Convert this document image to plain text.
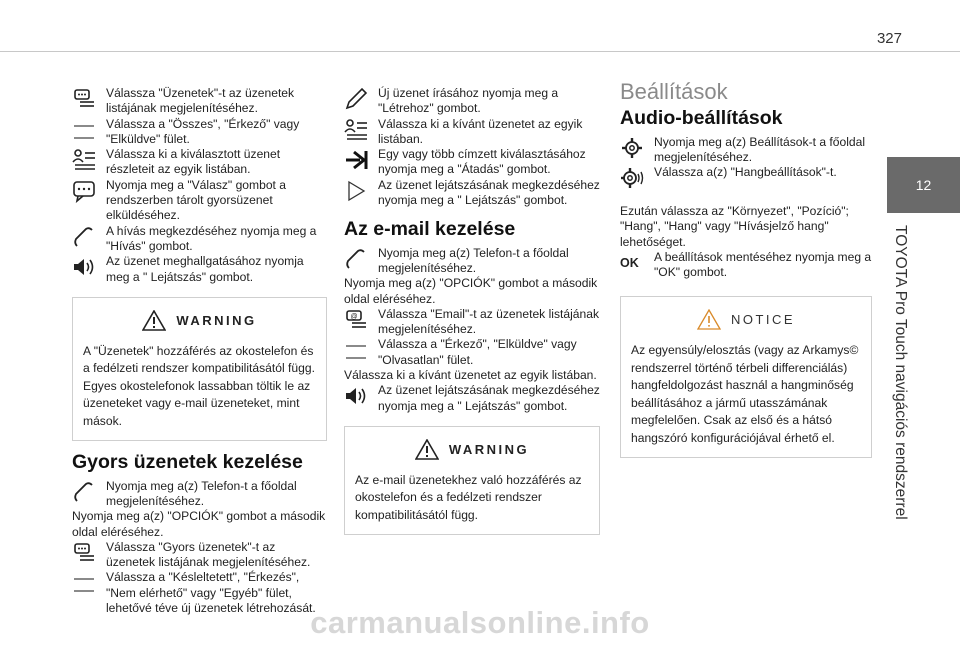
327
12
TOYOTA Pro Touch navigációs rendszerrel
Válassza "Üzenetek"-t az üzenetek listájának megjelenítéséhez.
Válassza a "Összes", "Érkező" vagy "Elküldve" fület.
Válassza ki a kiválasztott üzenet részleteit az egyik listában.
Nyomja meg a "Válasz" gombot a rendszerben tárolt gyorsüzenet elküldéséhez.
A hívás megkezdéséhez nyomja meg a "Hívás" gombot.
Az üzenet meghallgatásához nyomja meg a " Lejátszás" gombot.
WARNING
A "Üzenetek" hozzáférés az okostelefon és a fedélzeti rendszer kompatibilitásától függ. Egyes okostelefonok lassabban töltik le az üzeneteket vagy e-mail üzeneteket, mint mások.
Gyors üzenetek kezelése
Nyomja meg a(z) Telefon-t a főoldal megjelenítéséhez.

Nyomja meg a(z) "OPCIÓK" gombot a második oldal eléréséhez.

Válassza "Gyors üzenetek"-t az üzenetek listájának megjelenítéséhez.
Válassza a "Késleltetett", "Érkezés", "Nem elérhető" vagy "Egyéb" fület, lehetővé téve új üzenetek létrehozását.
Új üzenet írásához nyomja meg a "Létrehoz" gombot.
Válassza ki a kívánt üzenetet az egyik listában.
Egy vagy több címzett kiválasztásához nyomja meg a "Átadás" gombot.
Az üzenet lejátszásának megkezdéséhez nyomja meg a " Lejátszás" gombot.
Az e-mail kezelése
Nyomja meg a(z) Telefon-t a főoldal megjelenítéséhez.

Nyomja meg a(z) "OPCIÓK" gombot a második oldal eléréséhez.

@ Válassza "Email"-t az üzenetek listájának megjelenítéséhez.
Válassza a "Érkező", "Elküldve" vagy "Olvasatlan" fület.

Válassza ki a kívánt üzenetet az egyik listában.

Az üzenet lejátszásának megkezdéséhez nyomja meg a " Lejátszás" gombot.
WARNING
Az e-mail üzenetekhez való hozzáférés az okostelefon és a fedélzeti rendszer kompatibilitásától függ.
Beállítások
Audio-beállítások
Nyomja meg a(z) Beállítások-t a főoldal megjelenítéséhez.
Válassza a(z) "Hangbeállítások"-t.

Ezután válassza az "Környezet", "Pozíció"; "Hang", "Hang" vagy "Hívásjelző hang" lehetőséget.

OK	A beállítások mentéséhez nyomja meg a "OK" gombot.
NOTICE
Az egyensúly/elosztás (vagy az Arkamys© rendszerrel történő térbeli differenciálás) hangfeldolgozást használ a hangminőség beállításához a jármű utasszámának megfelelően. Csak az első és a hátsó hangszóró konfigurációjával érhető el.
carmanualsonline.info
